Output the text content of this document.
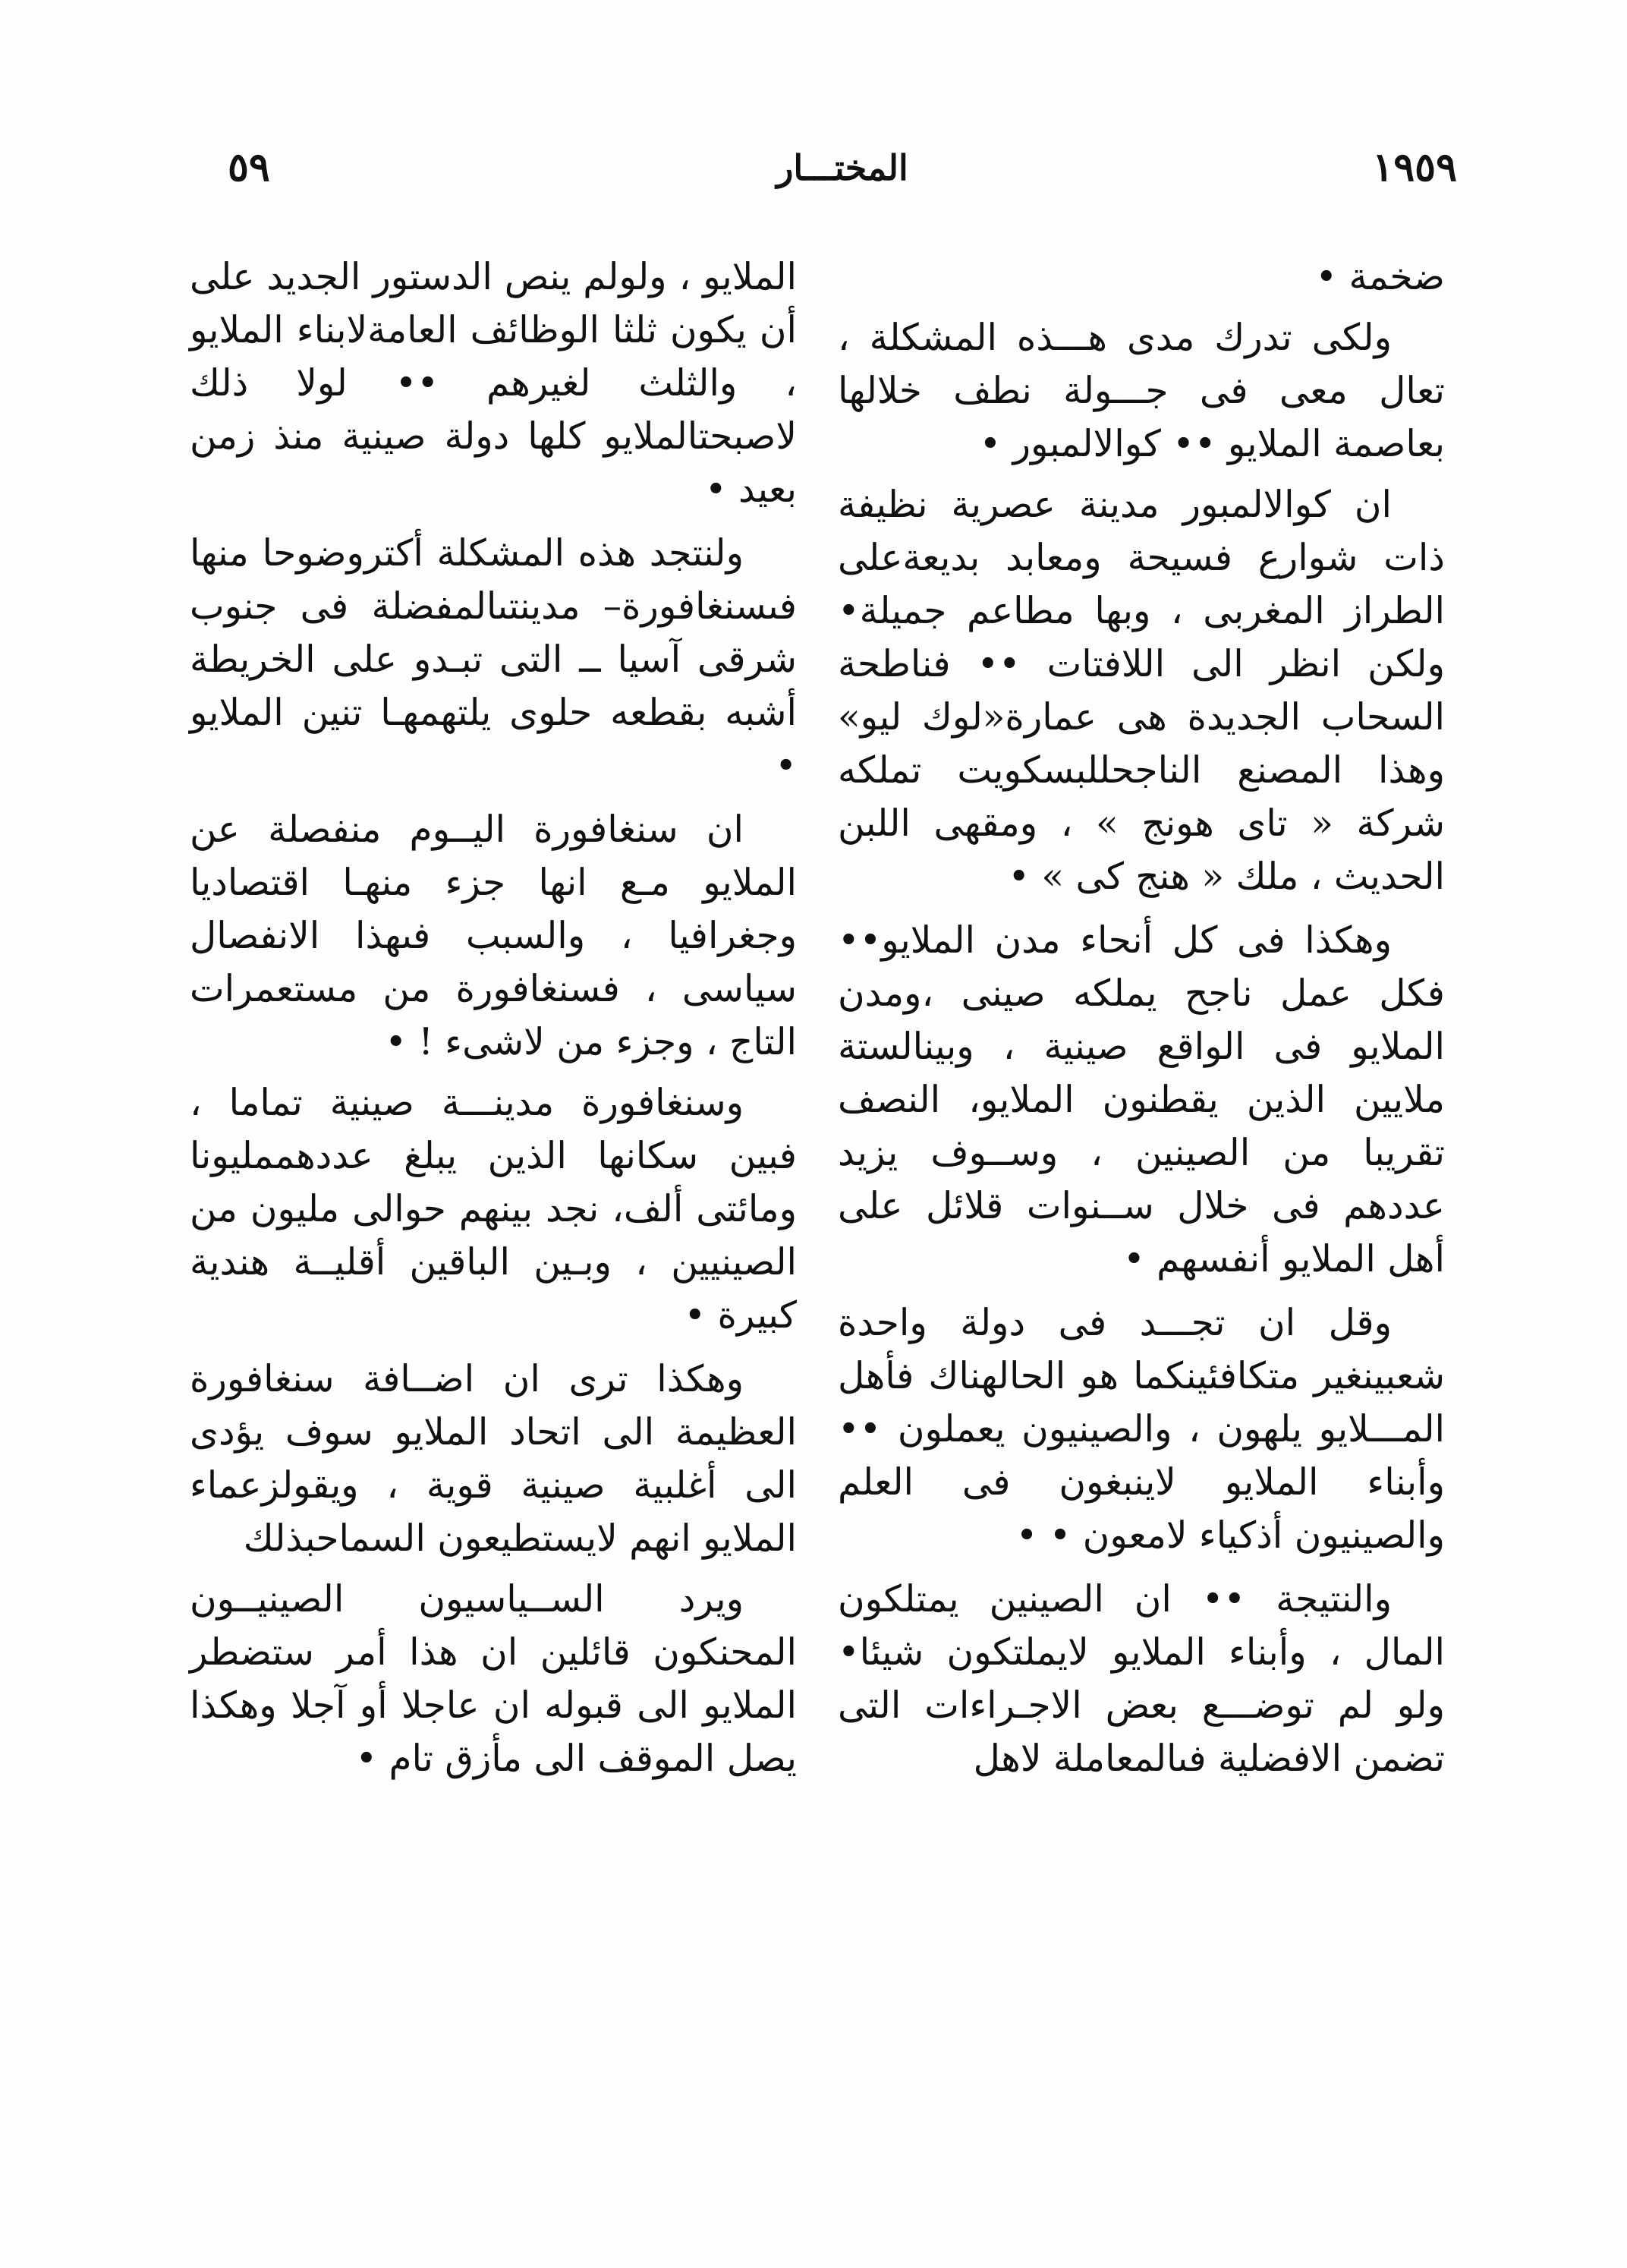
٥٩	المختـــار	١٩٥٩

ضخمة •

ولكى تدرك مدى هـــذه المشكلة ، تعال معى فى جـــولة نطف خلالها بعاصمة الملايو •• كوالالمبور •

ان كوالالمبور مدينة عصرية نظيفة ذات شوارع فسيحة ومعابد بديعةعلى الطراز المغربى ، وبها مطاعم جميلة• ولكن انظر الى اللافتات •• فناطحة السحاب الجديدة هى عمارة«لوك ليو» وهذا المصنع الناجحللبسكويت تملكه شركة « تاى هونج » ، ومقهى اللبن الحديث ، ملك « هنج كى » •

وهكذا فى كل أنحاء مدن الملايو•• فكل عمل ناجح يملكه صينى ،ومدن الملايو فى الواقع صينية ، وبينالستة ملايين الذين يقطنون الملايو، النصف تقريبا من الصينين ، وســوف يزيد عددهم فى خلال ســنوات قلائل على أهل الملايو أنفسهم •

وقل ان تجـــد فى دولة واحدة شعبينغير متكافئينكما هو الحالهناك فأهل المـــلايو يلهون ، والصينيون يعملون •• وأبناء الملايو لاينبغون فى العلم والصينيون أذكياء لامعون • •

والنتيجة •• ان الصينين يمتلكون المال ، وأبناء الملايو لايملتكون شيئا• ولو لم توضـــع بعض الاجـراءات التى تضمن الافضلية فىالمعاملة لاهل

الملايو ، ولولم ينص الدستور الجديد على أن يكون ثلثا الوظائف العامةلابناء الملايو ، والثلث لغيرهم •• لولا ذلك لاصبحتالملايو كلها دولة صينية منذ زمن بعيد •

ولنتجد هذه المشكلة أكتروضوحا منها فىسنغافورة– مدينتىالمفضلة فى جنوب شرقى آسيا ــ التى تبـدو على الخريطة أشبه بقطعه حلوى يلتهمهـا تنين الملايو •

ان سنغافورة اليــوم منفصلة عن الملايو مـع انها جزء منهـا اقتصاديا وجغرافيا ، والسبب فىهذا الانفصال سياسى ، فسنغافورة من مستعمرات التاج ، وجزء من لاشىء ! •

وسنغافورة مدينـــة صينية تماما ، فبين سكانها الذين يبلغ عددهممليونا ومائتى ألف، نجد بينهم حوالى مليون من الصينيين ، وبـين الباقين أقليــة هندية كبيرة •

وهكذا ترى ان اضــافة سنغافورة العظيمة الى اتحاد الملايو سوف يؤدى الى أغلبية صينية قوية ، ويقولزعماء الملايو انهم لايستطيعون السماحبذلك

ويرد الســياسيون الصينيــون المحنكون قائلين ان هذا أمر ستضطر الملايو الى قبوله ان عاجلا أو آجلا وهكذا يصل الموقف الى مأزق تام •
